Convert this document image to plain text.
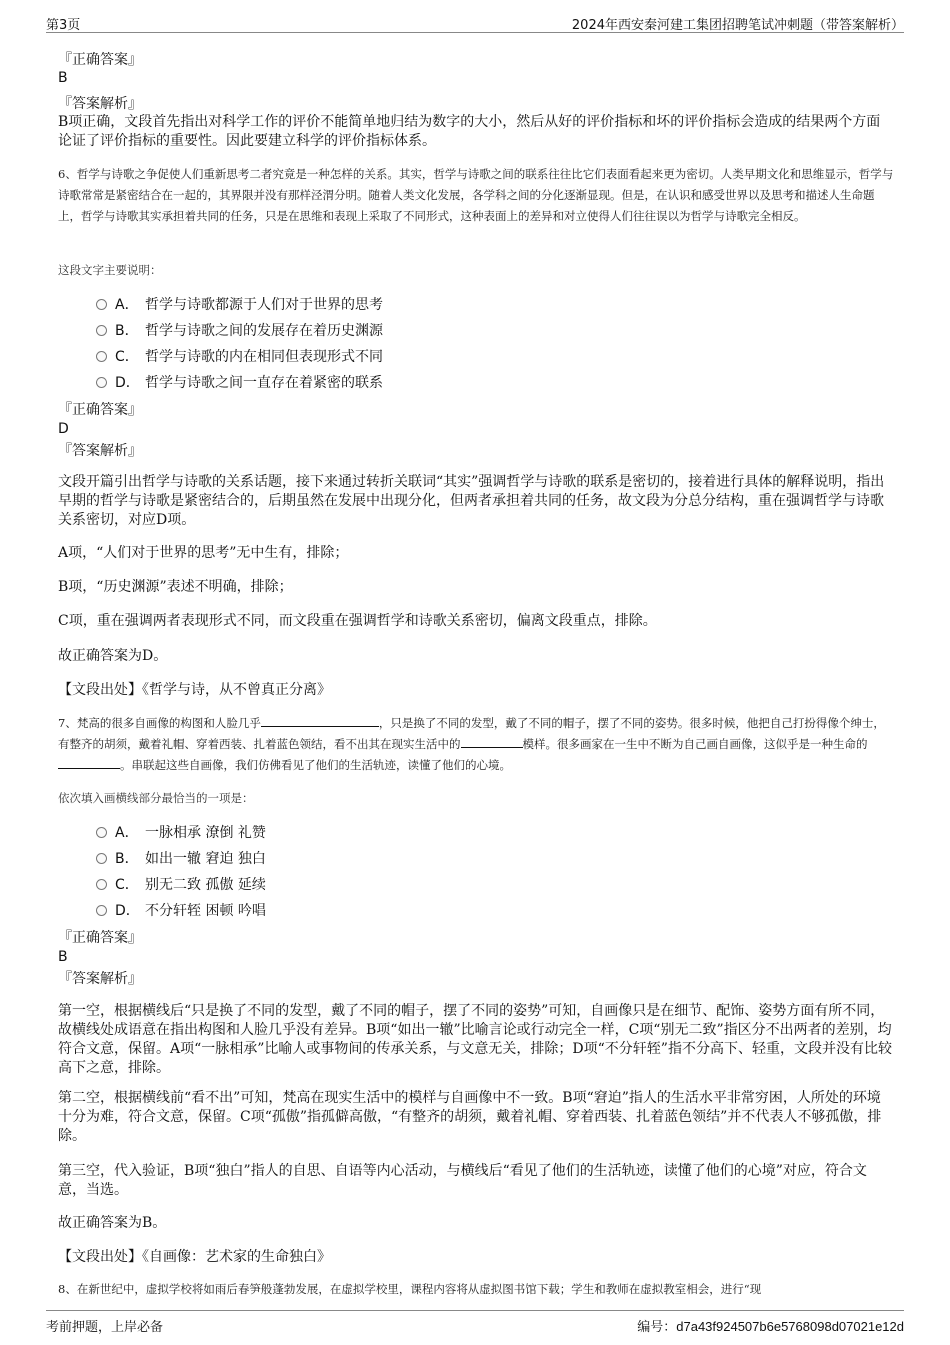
第3页	2024年西安秦河建工集团招聘笔试冲刺题（带答案解析）
『正确答案』
B
『答案解析』
B项正确，文段首先指出对科学工作的评价不能简单地归结为数字的大小，然后从好的评价指标和坏的评价指标会造成的结果两个方面论证了评价指标的重要性。因此要建立科学的评价指标体系。
6、哲学与诗歌之争促使人们重新思考二者究竟是一种怎样的关系。其实，哲学与诗歌之间的联系往往比它们表面看起来更为密切。人类早期文化和思维显示，哲学与诗歌常常是紧密结合在一起的，其界限并没有那样泾渭分明。随着人类文化发展，各学科之间的分化逐渐显现。但是，在认识和感受世界以及思考和描述人生命题上，哲学与诗歌其实承担着共同的任务，只是在思维和表现上采取了不同形式，这种表面上的差异和对立使得人们往往误以为哲学与诗歌完全相反。
这段文字主要说明：
A． 哲学与诗歌都源于人们对于世界的思考
B． 哲学与诗歌之间的发展存在着历史渊源
C． 哲学与诗歌的内在相同但表现形式不同
D． 哲学与诗歌之间一直存在着紧密的联系
『正确答案』
D
『答案解析』
文段开篇引出哲学与诗歌的关系话题，接下来通过转折关联词“其实”强调哲学与诗歌的联系是密切的，接着进行具体的解释说明，指出早期的哲学与诗歌是紧密结合的，后期虽然在发展中出现分化，但两者承担着共同的任务，故文段为分总分结构，重在强调哲学与诗歌关系密切，对应D项。
A项，“人们对于世界的思考”无中生有，排除；
B项，“历史渊源”表述不明确，排除；
C项，重在强调两者表现形式不同，而文段重在强调哲学和诗歌关系密切，偏离文段重点，排除。
故正确答案为D。
【文段出处】《哲学与诗，从不曾真正分离》
7、梵高的很多自画像的构图和人脸几乎	，只是换了不同的发型，戴了不同的帽子，摆了不同的姿势。很多时候，他把自己打扮得像个绅士，有整齐的胡须，戴着礼帽、穿着西装、扎着蓝色领结，看不出其在现实生活中的	模样。很多画家在一生中不断为自己画自画像，这似乎是一种生命的。串联起这些自画像，我们仿佛看见了他们的生活轨迹，读懂了他们的心境。
依次填入画横线部分最恰当的一项是：
A． 一脉相承 潦倒 礼赞
B． 如出一辙 窘迫 独白
C． 别无二致 孤傲 延续
D． 不分轩轾 困顿 吟唱
『正确答案』
B
『答案解析』
第一空，根据横线后“只是换了不同的发型，戴了不同的帽子，摆了不同的姿势”可知，自画像只是在细节、配饰、姿势方面有所不同，故横线处成语意在指出构图和人脸几乎没有差异。B项“如出一辙”比喻言论或行动完全一样，C项“别无二致”指区分不出两者的差别，均符合文意，保留。A项“一脉相承”比喻人或事物间的传承关系，与文意无关，排除；D项“不分轩轾”指不分高下、轻重，文段并没有比较高下之意，排除。
第二空，根据横线前“看不出”可知，梵高在现实生活中的模样与自画像中不一致。B项“窘迫”指人的生活水平非常穷困，人所处的环境十分为难，符合文意，保留。C项“孤傲”指孤僻高傲，“有整齐的胡须，戴着礼帽、穿着西装、扎着蓝色领结”并不代表人不够孤傲，排除。
第三空，代入验证，B项“独白”指人的自思、自语等内心活动，与横线后“看见了他们的生活轨迹，读懂了他们的心境”对应，符合文意，当选。
故正确答案为B。
【文段出处】《自画像：艺术家的生命独白》
8、在新世纪中，虚拟学校将如雨后春笋般蓬勃发展，在虚拟学校里，课程内容将从虚拟图书馆下载；学生和教师在虚拟教室相会，进行“现
考前押题，上岸必备	编号：d7a43f924507b6e5768098d07021e12d
